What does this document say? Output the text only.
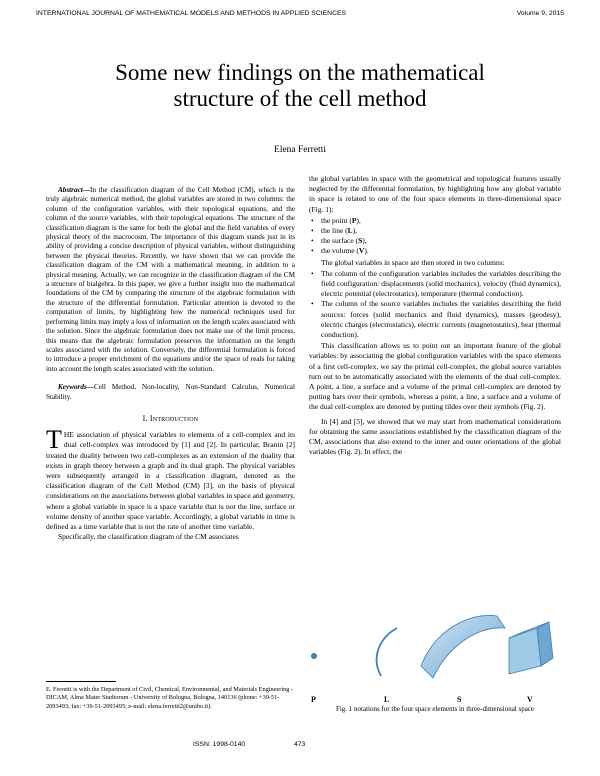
INTERNATIONAL JOURNAL OF MATHEMATICAL MODELS AND METHODS IN APPLIED SCIENCES	Volume 9, 2015
Some new findings on the mathematical
structure of the cell method
Elena Ferretti

Abstract—In the classification diagram of the Cell Method (CM), which is the truly algebraic numerical method, the global variables are stored in two columns: the column of the configuration variables, with their topological equations, and the column of the source variables, with their topological equations. The structure of the classification diagram is the same for both the global and the field variables of every physical theory of the macrocosm. The importance of this diagram stands just in its ability of providing a concise description of physical variables, without distinguishing between the physical theories. Recently, we have shown that we can provide the classification diagram of the CM with a mathematical meaning, in addition to a physical meaning. Actually, we can recognize in the classification diagram of the CM a structure of bialgebra. In this paper, we give a further insight into the mathematical foundations of the CM by comparing the structure of the algebraic formulation with the structure of the differential formulation. Particular attention is devoted to the computation of limits, by highlighting how the numerical techniques used for performing limits may imply a loss of information on the length scales associated with the solution. Since the algebraic formulation does not make use of the limit process, this means that the algebraic formulation preserves the information on the length scales associated with the solution. Conversely, the differential formulation is forced to introduce a proper enrichment of the equations and/or the space of reals for taking into account the length scales associated with the solution.

Keywords—Cell Method, Non-locality, Non-Standard Calculus, Numerical Stability.

I. Introduction

THE association of physical variables to elements of a cell-complex and its dual cell-complex was introduced by [1] and [2]. In particular, Branin [2] treated the duality between two cell-complexes as an extension of the duality that exists in graph theory between a graph and its dual graph. The physical variables were subsequently arranged in a classification diagram, denoted as the classification diagram of the Cell Method (CM) [3], on the basis of physical considerations on the associations between global variables in space and geometry, where a global variable in space is a space variable that is not the line, surface or volume density of another space variable. Accordingly, a global variable in time is defined as a time variable that is not the rate of another time variable.

Specifically, the classification diagram of the CM associates

E. Ferretti is with the Department of Civil, Chemical, Environmental, and Materials Engineering - DICAM, Alma Mater Studiorum - University of Bologna, Bologna, 140136 (phone: +39-51-2093493; fax: +39-51-2093495; e-mail: elena.ferretti2@unibo.it).

the global variables in space with the geometrical and topological features usually neglected by the differential formulation, by highlighting how any global variable in space is related to one of the four space elements in three-dimensional space (Fig. 1):

• the point (P),
• the line (L),
• the surface (S),
• the volume (V).

The global variables in space are then stored in two columns:

• The column of the configuration variables includes the variables describing the field configuration: displacements (solid mechanics), velocity (fluid dynamics), electric potential (electrostatics), temperature (thermal conduction).
• The column of the source variables includes the variables describing the field sources: forces (solid mechanics and fluid dynamics), masses (geodesy), electric charges (electrostatics), electric currents (magnetostatics), heat (thermal conduction).

This classification allows us to point out an important feature of the global variables: by associating the global configuration variables with the space elements of a first cell-complex, we say the primal cell-complex, the global source variables turn out to be automatically associated with the elements of the dual cell-complex. A point, a line, a surface and a volume of the primal cell-complex are denoted by putting bars over their symbols, whereas a point, a line, a surface and a volume of the dual cell-complex are denoted by putting tildes over their symbols (Fig. 2).

In [4] and [5], we showed that we may start from mathematical considerations for obtaining the same associations established by the classification diagram of the CM, associations that also extend to the inner and outer orientations of the global variables (Fig. 2). In effect, the

P	L	S	V
Fig. 1 notations for the four space elements in three-dimensional space
ISSN: 1998-0140	473
